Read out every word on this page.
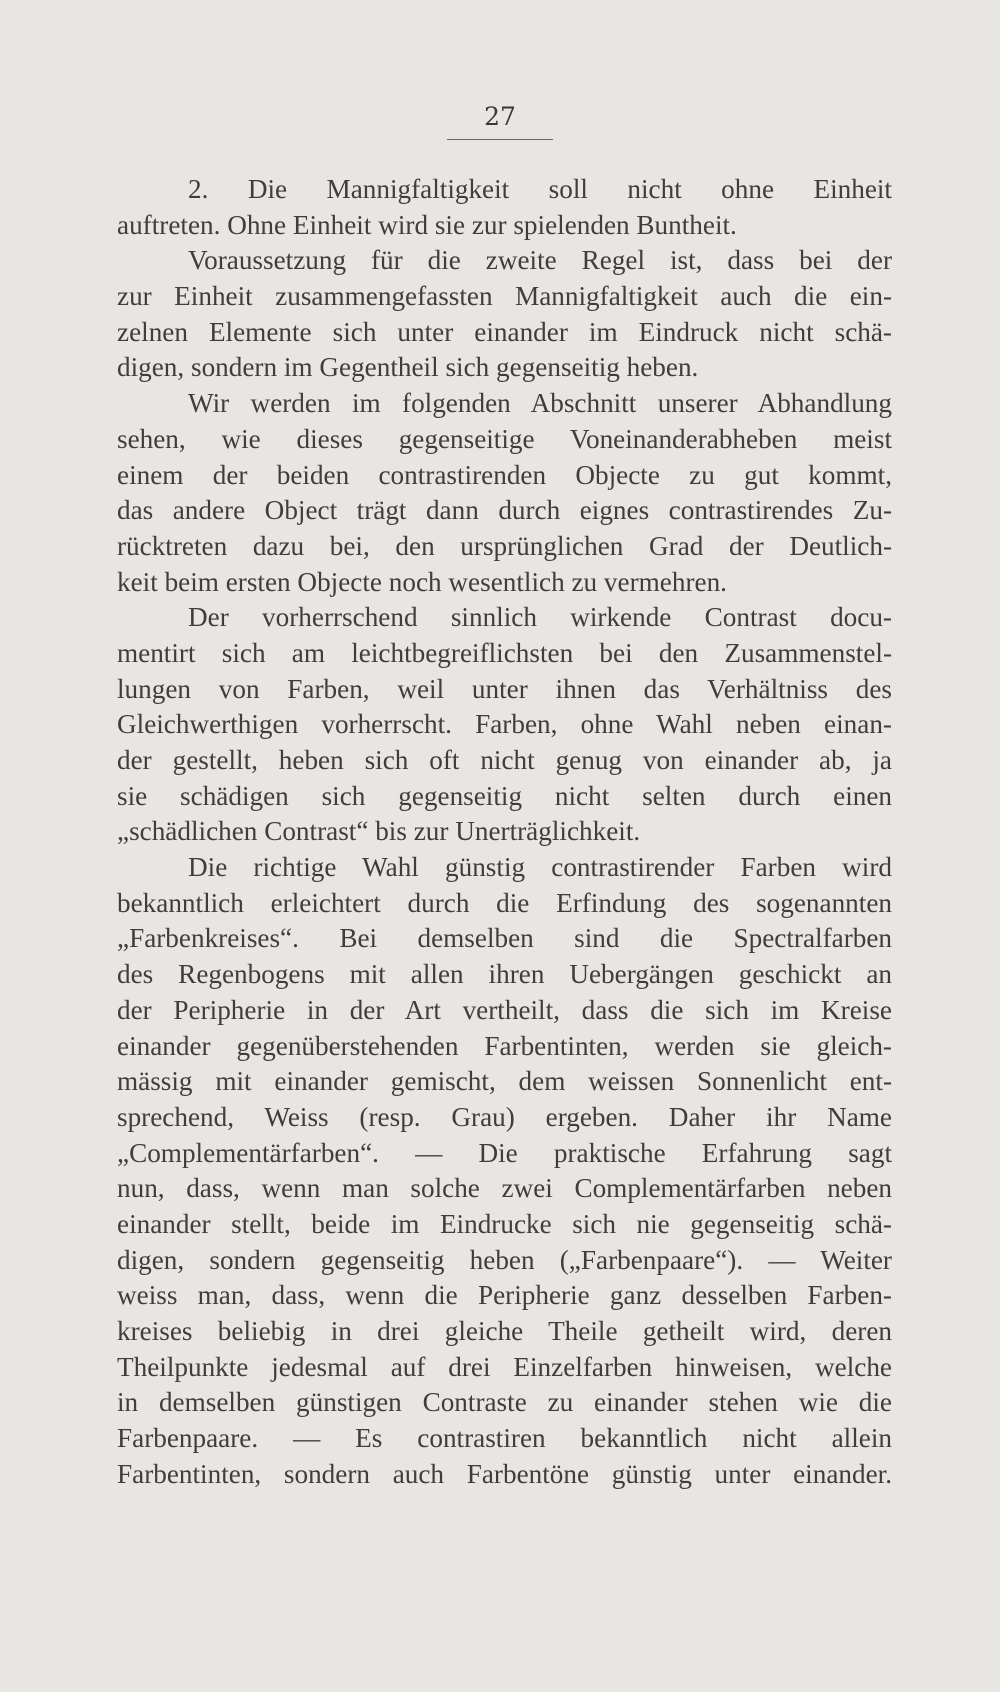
27
2. Die Mannigfaltigkeit soll nicht ohne Einheit
auftreten. Ohne Einheit wird sie zur spielenden Buntheit.
Voraussetzung für die zweite Regel ist, dass bei der
zur Einheit zusammengefassten Mannigfaltigkeit auch die ein-
zelnen Elemente sich unter einander im Eindruck nicht schä-
digen, sondern im Gegentheil sich gegenseitig heben.
Wir werden im folgenden Abschnitt unserer Abhandlung
sehen, wie dieses gegenseitige Voneinanderabheben meist
einem der beiden contrastirenden Objecte zu gut kommt,
das andere Object trägt dann durch eignes contrastirendes Zu-
rücktreten dazu bei, den ursprünglichen Grad der Deutlich-
keit beim ersten Objecte noch wesentlich zu vermehren.
Der vorherrschend sinnlich wirkende Contrast docu-
mentirt sich am leichtbegreiflichsten bei den Zusammenstel-
lungen von Farben, weil unter ihnen das Verhältniss des
Gleichwerthigen vorherrscht. Farben, ohne Wahl neben einan-
der gestellt, heben sich oft nicht genug von einander ab, ja
sie schädigen sich gegenseitig nicht selten durch einen
„schädlichen Contrast“ bis zur Unerträglichkeit.
Die richtige Wahl günstig contrastirender Farben wird
bekanntlich erleichtert durch die Erfindung des sogenannten
„Farbenkreises“. Bei demselben sind die Spectralfarben
des Regenbogens mit allen ihren Uebergängen geschickt an
der Peripherie in der Art vertheilt, dass die sich im Kreise
einander gegenüberstehenden Farbentinten, werden sie gleich-
mässig mit einander gemischt, dem weissen Sonnenlicht ent-
sprechend, Weiss (resp. Grau) ergeben. Daher ihr Name
„Complementärfarben“. — Die praktische Erfahrung sagt
nun, dass, wenn man solche zwei Complementärfarben neben
einander stellt, beide im Eindrucke sich nie gegenseitig schä-
digen, sondern gegenseitig heben („Farbenpaare“). — Weiter
weiss man, dass, wenn die Peripherie ganz desselben Farben-
kreises beliebig in drei gleiche Theile getheilt wird, deren
Theilpunkte jedesmal auf drei Einzelfarben hinweisen, welche
in demselben günstigen Contraste zu einander stehen wie die
Farbenpaare. — Es contrastiren bekanntlich nicht allein
Farbentinten, sondern auch Farbentöne günstig unter einander.
